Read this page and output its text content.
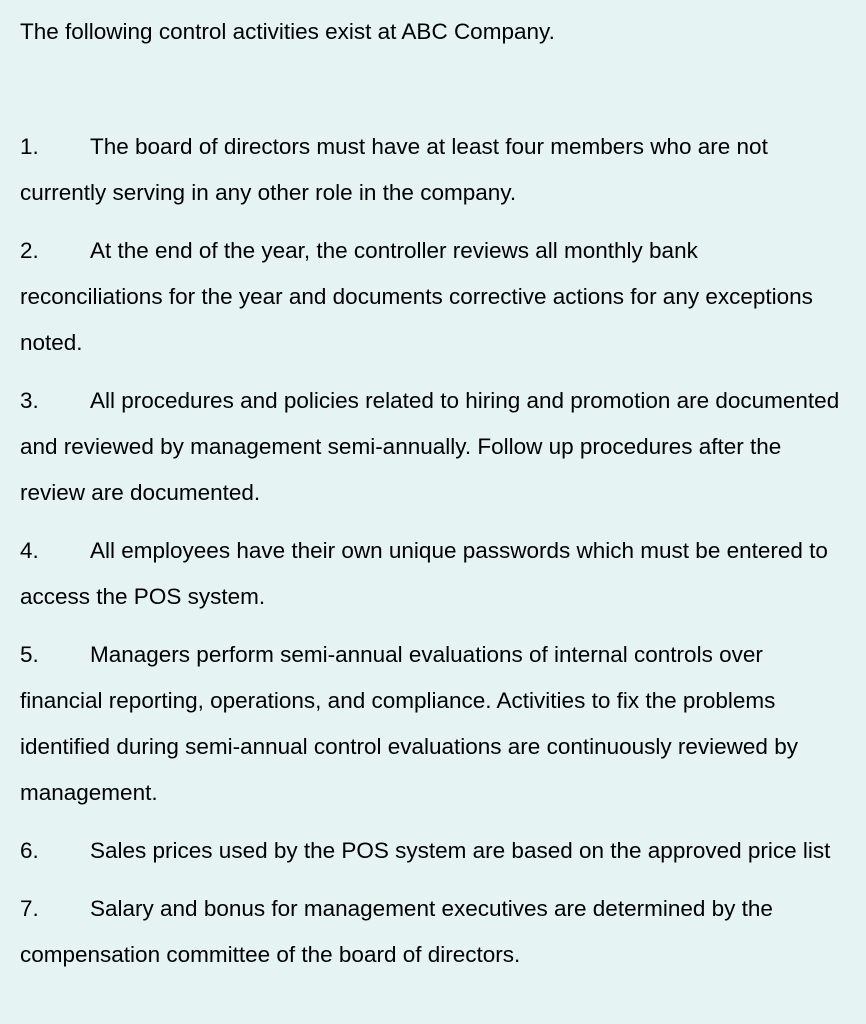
The following control activities exist at ABC Company.
1. The board of directors must have at least four members who are not currently serving in any other role in the company.
2. At the end of the year, the controller reviews all monthly bank reconciliations for the year and documents corrective actions for any exceptions noted.
3. All procedures and policies related to hiring and promotion are documented and reviewed by management semi-annually. Follow up procedures after the review are documented.
4. All employees have their own unique passwords which must be entered to access the POS system.
5. Managers perform semi-annual evaluations of internal controls over financial reporting, operations, and compliance. Activities to fix the problems identified during semi-annual control evaluations are continuously reviewed by management.
6. Sales prices used by the POS system are based on the approved price list
7. Salary and bonus for management executives are determined by the compensation committee of the board of directors.
